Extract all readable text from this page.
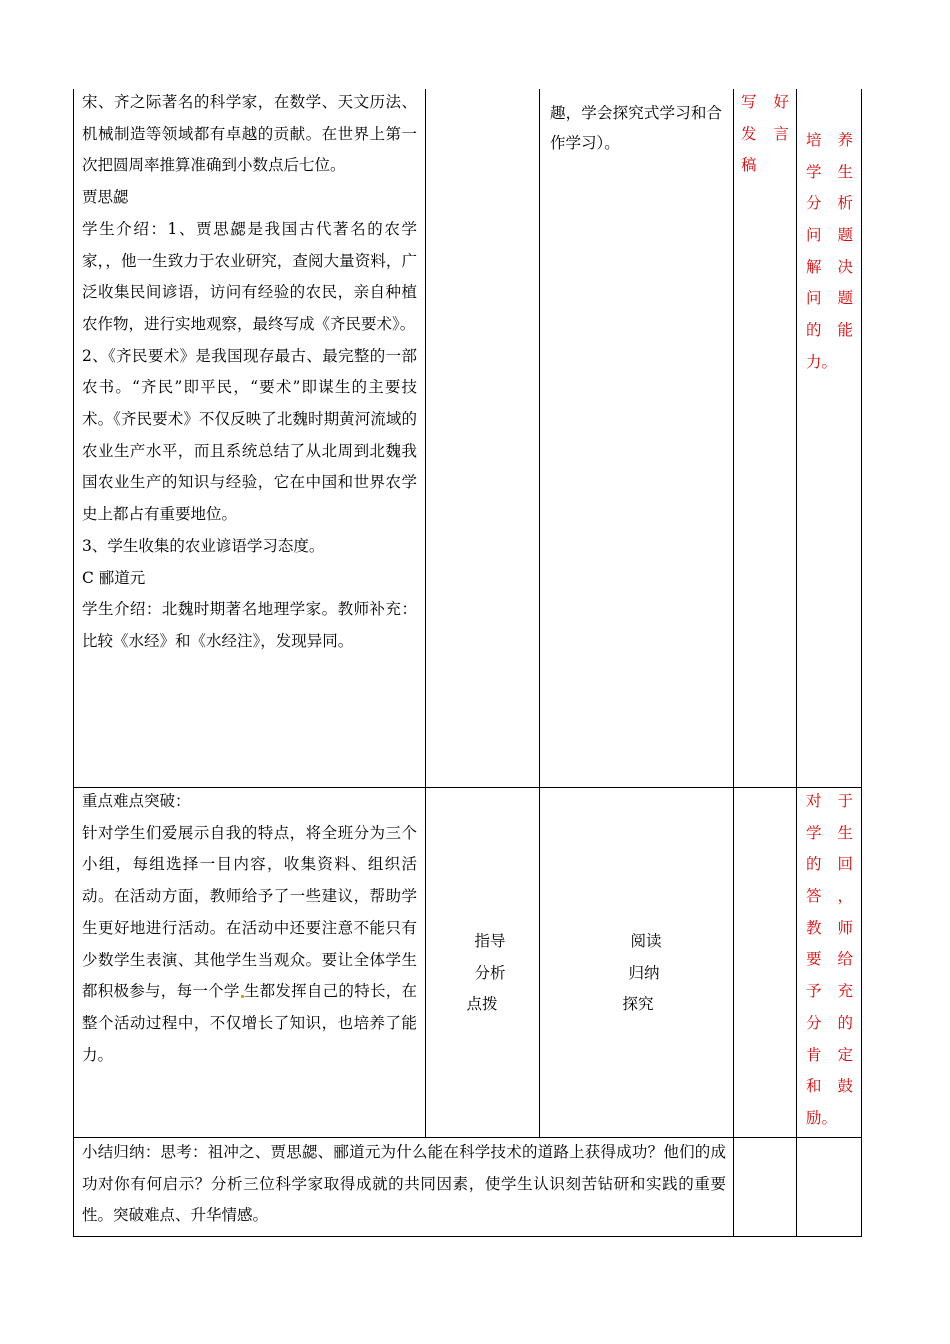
宋、齐之际著名的科学家，在数学、天文历法、机械制造等领域都有卓越的贡献。在世界上第一次把圆周率推算准确到小数点后七位。

贾思勰

学生介绍：1、贾思勰是我国古代著名的农学家，，他一生致力于农业研究，查阅大量资料，广泛收集民间谚语，访问有经验的农民，亲自种植农作物，进行实地观察，最终写成《齐民要术》。

2、《齐民要术》是我国现存最古、最完整的一部农书。“齐民”即平民，“要术”即谋生的主要技术。《齐民要术》不仅反映了北魏时期黄河流域的农业生产水平，而且系统总结了从北周到北魏我国农业生产的知识与经验，它在中国和世界农学史上都占有重要地位。

3、学生收集的农业谚语学习态度。

C 郦道元

学生介绍：北魏时期著名地理学家。教师补充：比较《水经》和《水经注》，发现异同。

趣，学会探究式学习和合作学习）。

写 好
发 言
稿
培 养
学 生
分 析
问 题
解 决
问 题
的 能
力。

重点难点突破：

针对学生们爱展示自我的特点，将全班分为三个小组，每组选择一目内容，收集资料、组织活动。在活动方面，教师给予了一些建议，帮助学生更好地进行活动。在活动中还要注意不能只有少数学生表演、其他学生当观众。要让全体学生都积极参与，每一个学 生都发挥自己的特长，在整个活动过程中，不仅增长了知识，也培养了能力。

指导
分析
点拨
阅读
归纳
探究
对 于
学 生
的 回
答 ，
教 师
要 给
予 充
分 的
肯 定
和 鼓
励。

小结归纳：思考：祖冲之、贾思勰、郦道元为什么能在科学技术的道路上获得成功？他们的成功对你有何启示？分析三位科学家取得成就的共同因素，使学生认识刻苦钻研和实践的重要性。突破难点、升华情感。
